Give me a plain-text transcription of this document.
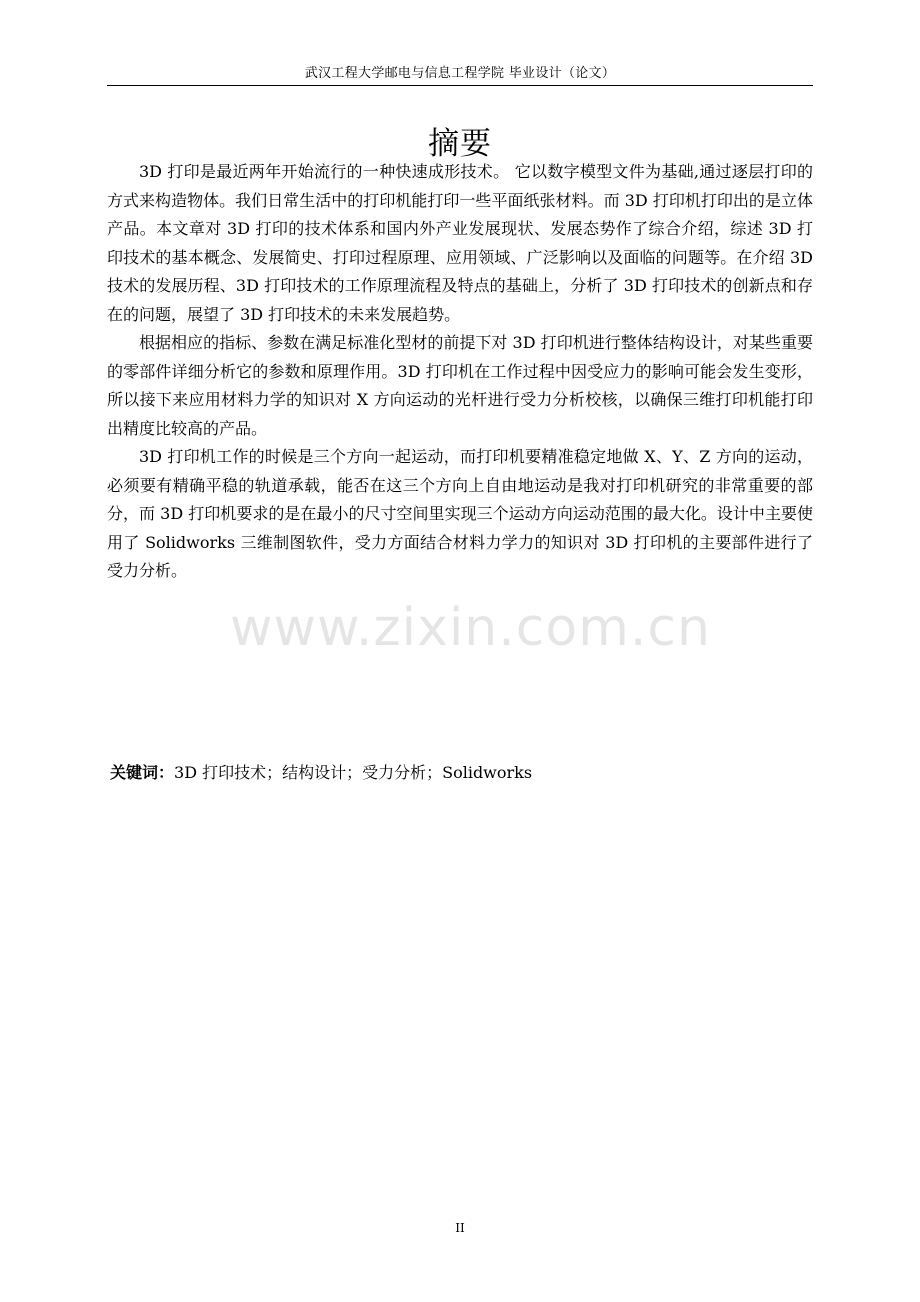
武汉工程大学邮电与信息工程学院 毕业设计（论文）
摘要

3D 打印是最近两年开始流行的一种快速成形技术。 它以数字模型文件为基础,通过逐层打印的方式来构造物体。我们日常生活中的打印机能打印一些平面纸张材料。而 3D 打印机打印出的是立体产品。本文章对 3D 打印的技术体系和国内外产业发展现状、发展态势作了综合介绍，综述 3D 打印技术的基本概念、发展简史、打印过程原理、应用领域、广泛影响以及面临的问题等。在介绍 3D 技术的发展历程、3D 打印技术的工作原理流程及特点的基础上，分析了 3D 打印技术的创新点和存在的问题，展望了 3D 打印技术的未来发展趋势。

根据相应的指标、参数在满足标准化型材的前提下对 3D 打印机进行整体结构设计，对某些重要的零部件详细分析它的参数和原理作用。3D 打印机在工作过程中因受应力的影响可能会发生变形，所以接下来应用材料力学的知识对 X 方向运动的光杆进行受力分析校核，以确保三维打印机能打印出精度比较高的产品。

3D 打印机工作的时候是三个方向一起运动，而打印机要精准稳定地做 X、Y、Z 方向的运动，必须要有精确平稳的轨道承载，能否在这三个方向上自由地运动是我对打印机研究的非常重要的部分，而 3D 打印机要求的是在最小的尺寸空间里实现三个运动方向运动范围的最大化。设计中主要使用了 Solidworks 三维制图软件，受力方面结合材料力学力的知识对 3D 打印机的主要部件进行了受力分析。

www.zixin.com.cn
关键词：3D 打印技术；结构设计；受力分析；Solidworks
II
